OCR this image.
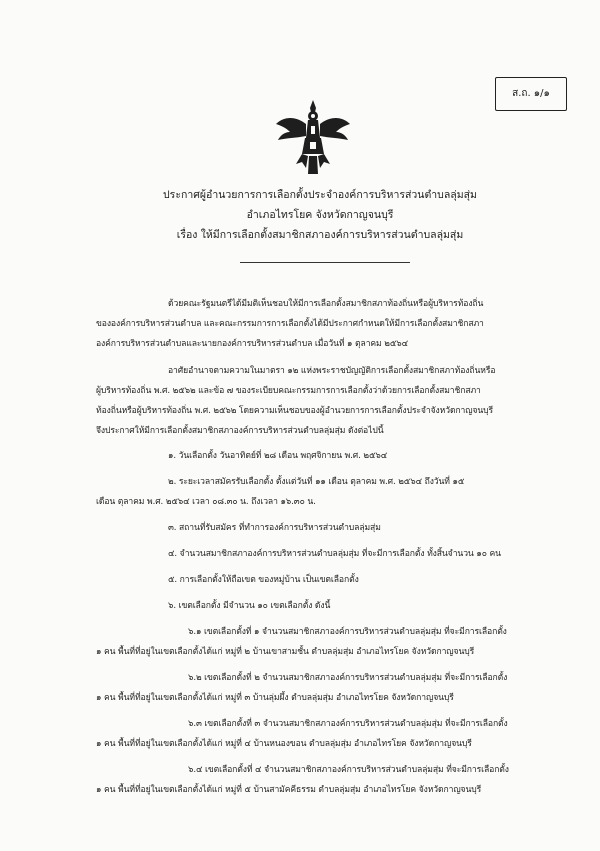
ส.ถ. ๑/๑
ประกาศผู้อำนวยการการเลือกตั้งประจำองค์การบริหารส่วนตำบลลุ่มสุ่ม
อำเภอไทรโยค จังหวัดกาญจนบุรี
เรื่อง ให้มีการเลือกตั้งสมาชิกสภาองค์การบริหารส่วนตำบลลุ่มสุ่ม
ด้วยคณะรัฐมนตรีได้มีมติเห็นชอบให้มีการเลือกตั้งสมาชิกสภาท้องถิ่นหรือผู้บริหารท้องถิ่น
ขององค์การบริหารส่วนตำบล และคณะกรรมการการเลือกตั้งได้มีประกาศกำหนดให้มีการเลือกตั้งสมาชิกสภา
องค์การบริหารส่วนตำบลและนายกองค์การบริหารส่วนตำบล เมื่อวันที่ ๑ ตุลาคม ๒๕๖๔
อาศัยอำนาจตามความในมาตรา ๑๒ แห่งพระราชบัญญัติการเลือกตั้งสมาชิกสภาท้องถิ่นหรือ
ผู้บริหารท้องถิ่น พ.ศ. ๒๕๖๒ และข้อ ๗ ของระเบียบคณะกรรมการการเลือกตั้งว่าด้วยการเลือกตั้งสมาชิกสภา
ท้องถิ่นหรือผู้บริหารท้องถิ่น พ.ศ. ๒๕๖๒ โดยความเห็นชอบของผู้อำนวยการการเลือกตั้งประจำจังหวัดกาญจนบุรี
จึงประกาศให้มีการเลือกตั้งสมาชิกสภาองค์การบริหารส่วนตำบลลุ่มสุ่ม ดังต่อไปนี้
๑. วันเลือกตั้ง วันอาทิตย์ที่ ๒๘ เดือน พฤศจิกายน พ.ศ. ๒๕๖๔
๒. ระยะเวลาสมัครรับเลือกตั้ง ตั้งแต่วันที่ ๑๑ เดือน ตุลาคม พ.ศ. ๒๕๖๔ ถึงวันที่ ๑๕
เดือน ตุลาคม พ.ศ. ๒๕๖๔ เวลา ๐๘.๓๐ น. ถึงเวลา ๑๖.๓๐ น.
๓. สถานที่รับสมัคร ที่ทำการองค์การบริหารส่วนตำบลลุ่มสุ่ม
๔. จำนวนสมาชิกสภาองค์การบริหารส่วนตำบลลุ่มสุ่ม ที่จะมีการเลือกตั้ง ทั้งสิ้นจำนวน ๑๐ คน
๕. การเลือกตั้งให้ถือเขต ของหมู่บ้าน เป็นเขตเลือกตั้ง
๖. เขตเลือกตั้ง มีจำนวน ๑๐ เขตเลือกตั้ง ดังนี้
๖.๑ เขตเลือกตั้งที่ ๑ จำนวนสมาชิกสภาองค์การบริหารส่วนตำบลลุ่มสุ่ม ที่จะมีการเลือกตั้ง
๑ คน พื้นที่ที่อยู่ในเขตเลือกตั้งได้แก่ หมู่ที่ ๒ บ้านเขาสามชั้น ตำบลลุ่มสุ่ม อำเภอไทรโยค จังหวัดกาญจนบุรี
๖.๒ เขตเลือกตั้งที่ ๒ จำนวนสมาชิกสภาองค์การบริหารส่วนตำบลลุ่มสุ่ม ที่จะมีการเลือกตั้ง
๑ คน พื้นที่ที่อยู่ในเขตเลือกตั้งได้แก่ หมู่ที่ ๓ บ้านลุ่มผึ้ง ตำบลลุ่มสุ่ม อำเภอไทรโยค จังหวัดกาญจนบุรี
๖.๓ เขตเลือกตั้งที่ ๓ จำนวนสมาชิกสภาองค์การบริหารส่วนตำบลลุ่มสุ่ม ที่จะมีการเลือกตั้ง
๑ คน พื้นที่ที่อยู่ในเขตเลือกตั้งได้แก่ หมู่ที่ ๔ บ้านหนองขอน ตำบลลุ่มสุ่ม อำเภอไทรโยค จังหวัดกาญจนบุรี
๖.๔ เขตเลือกตั้งที่ ๔ จำนวนสมาชิกสภาองค์การบริหารส่วนตำบลลุ่มสุ่ม ที่จะมีการเลือกตั้ง
๑ คน พื้นที่ที่อยู่ในเขตเลือกตั้งได้แก่ หมู่ที่ ๕ บ้านสามัคคีธรรม ตำบลลุ่มสุ่ม อำเภอไทรโยค จังหวัดกาญจนบุรี
